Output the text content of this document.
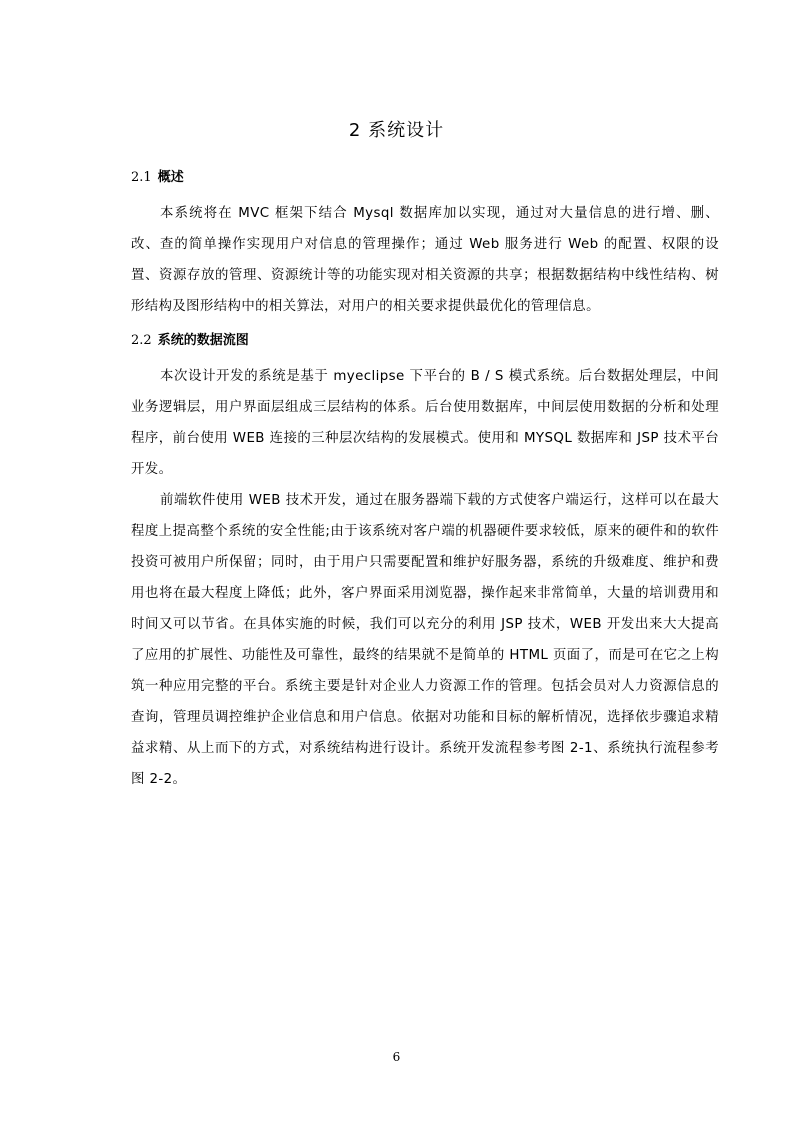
2 系统设计
2.1 概述

本系统将在 MVC 框架下结合 Mysql 数据库加以实现，通过对大量信息的进行增、删、改、查的简单操作实现用户对信息的管理操作；通过 Web 服务进行 Web 的配置、权限的设置、资源存放的管理、资源统计等的功能实现对相关资源的共享；根据数据结构中线性结构、树形结构及图形结构中的相关算法，对用户的相关要求提供最优化的管理信息。

2.2 系统的数据流图

本次设计开发的系统是基于 myeclipse 下平台的 B / S 模式系统。后台数据处理层，中间业务逻辑层，用户界面层组成三层结构的体系。后台使用数据库，中间层使用数据的分析和处理程序，前台使用 WEB 连接的三种层次结构的发展模式。使用和 MYSQL 数据库和 JSP 技术平台开发。

前端软件使用 WEB 技术开发，通过在服务器端下载的方式使客户端运行，这样可以在最大程度上提高整个系统的安全性能;由于该系统对客户端的机器硬件要求较低，原来的硬件和的软件投资可被用户所保留；同时，由于用户只需要配置和维护好服务器，系统的升级难度、维护和费用也将在最大程度上降低；此外，客户界面采用浏览器，操作起来非常简单，大量的培训费用和时间又可以节省。在具体实施的时候，我们可以充分的利用 JSP 技术，WEB 开发出来大大提高了应用的扩展性、功能性及可靠性，最终的结果就不是简单的 HTML 页面了，而是可在它之上构筑一种应用完整的平台。系统主要是针对企业人力资源工作的管理。包括会员对人力资源信息的查询，管理员调控维护企业信息和用户信息。依据对功能和目标的解析情况，选择依步骤追求精益求精、从上而下的方式，对系统结构进行设计。系统开发流程参考图 2-1、系统执行流程参考图 2-2。

6
